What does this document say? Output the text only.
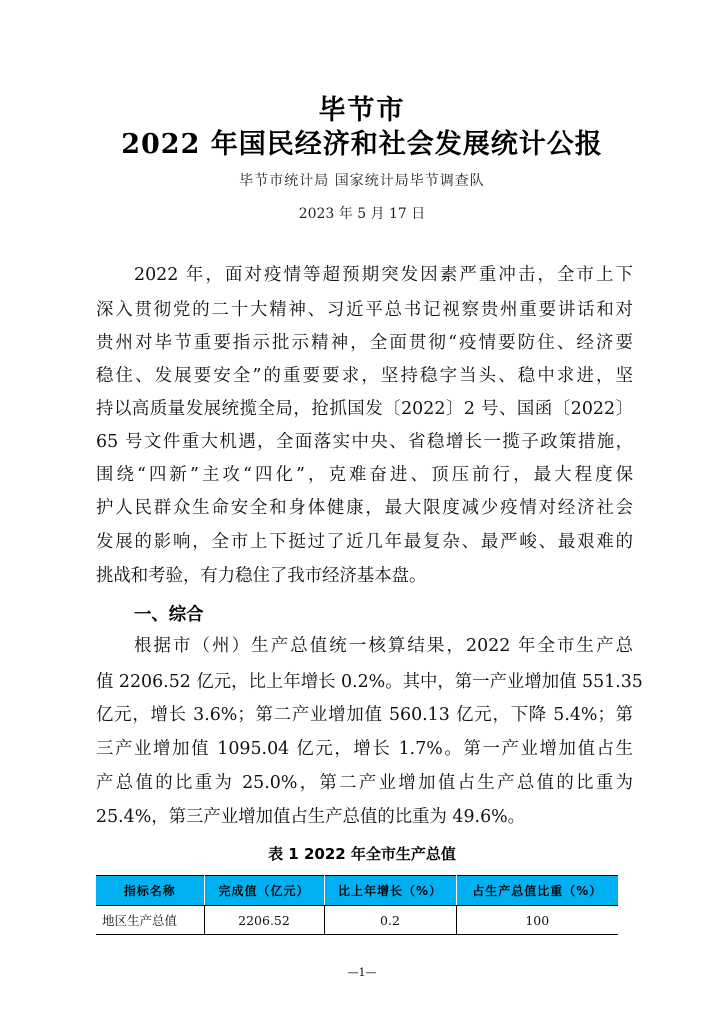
毕节市
2022 年国民经济和社会发展统计公报
毕节市统计局 国家统计局毕节调查队
2023 年 5 月 17 日
2022 年，面对疫情等超预期突发因素严重冲击，全市上下
深入贯彻党的二十大精神、习近平总书记视察贵州重要讲话和对
贵州对毕节重要指示批示精神，全面贯彻“疫情要防住、经济要
稳住、发展要安全”的重要要求，坚持稳字当头、稳中求进，坚
持以高质量发展统揽全局，抢抓国发〔2022〕2 号、国函〔2022〕
65 号文件重大机遇，全面落实中央、省稳增长一揽子政策措施，
围绕“四新”主攻“四化”，克难奋进、顶压前行，最大程度保
护人民群众生命安全和身体健康，最大限度减少疫情对经济社会
发展的影响，全市上下挺过了近几年最复杂、最严峻、最艰难的
挑战和考验，有力稳住了我市经济基本盘。
一、综合
根据市（州）生产总值统一核算结果，2022 年全市生产总
值 2206.52 亿元，比上年增长 0.2%。其中，第一产业增加值 551.35
亿元，增长 3.6%；第二产业增加值 560.13 亿元，下降 5.4%；第
三产业增加值 1095.04 亿元，增长 1.7%。第一产业增加值占生
产总值的比重为 25.0%，第二产业增加值占生产总值的比重为
25.4%，第三产业增加值占生产总值的比重为 49.6%。
表 1 2022 年全市生产总值
指标名称	完成值（亿元）	比上年增长（%）	占生产总值比重（%）
地区生产总值	2206.52	0.2	100
—1—
